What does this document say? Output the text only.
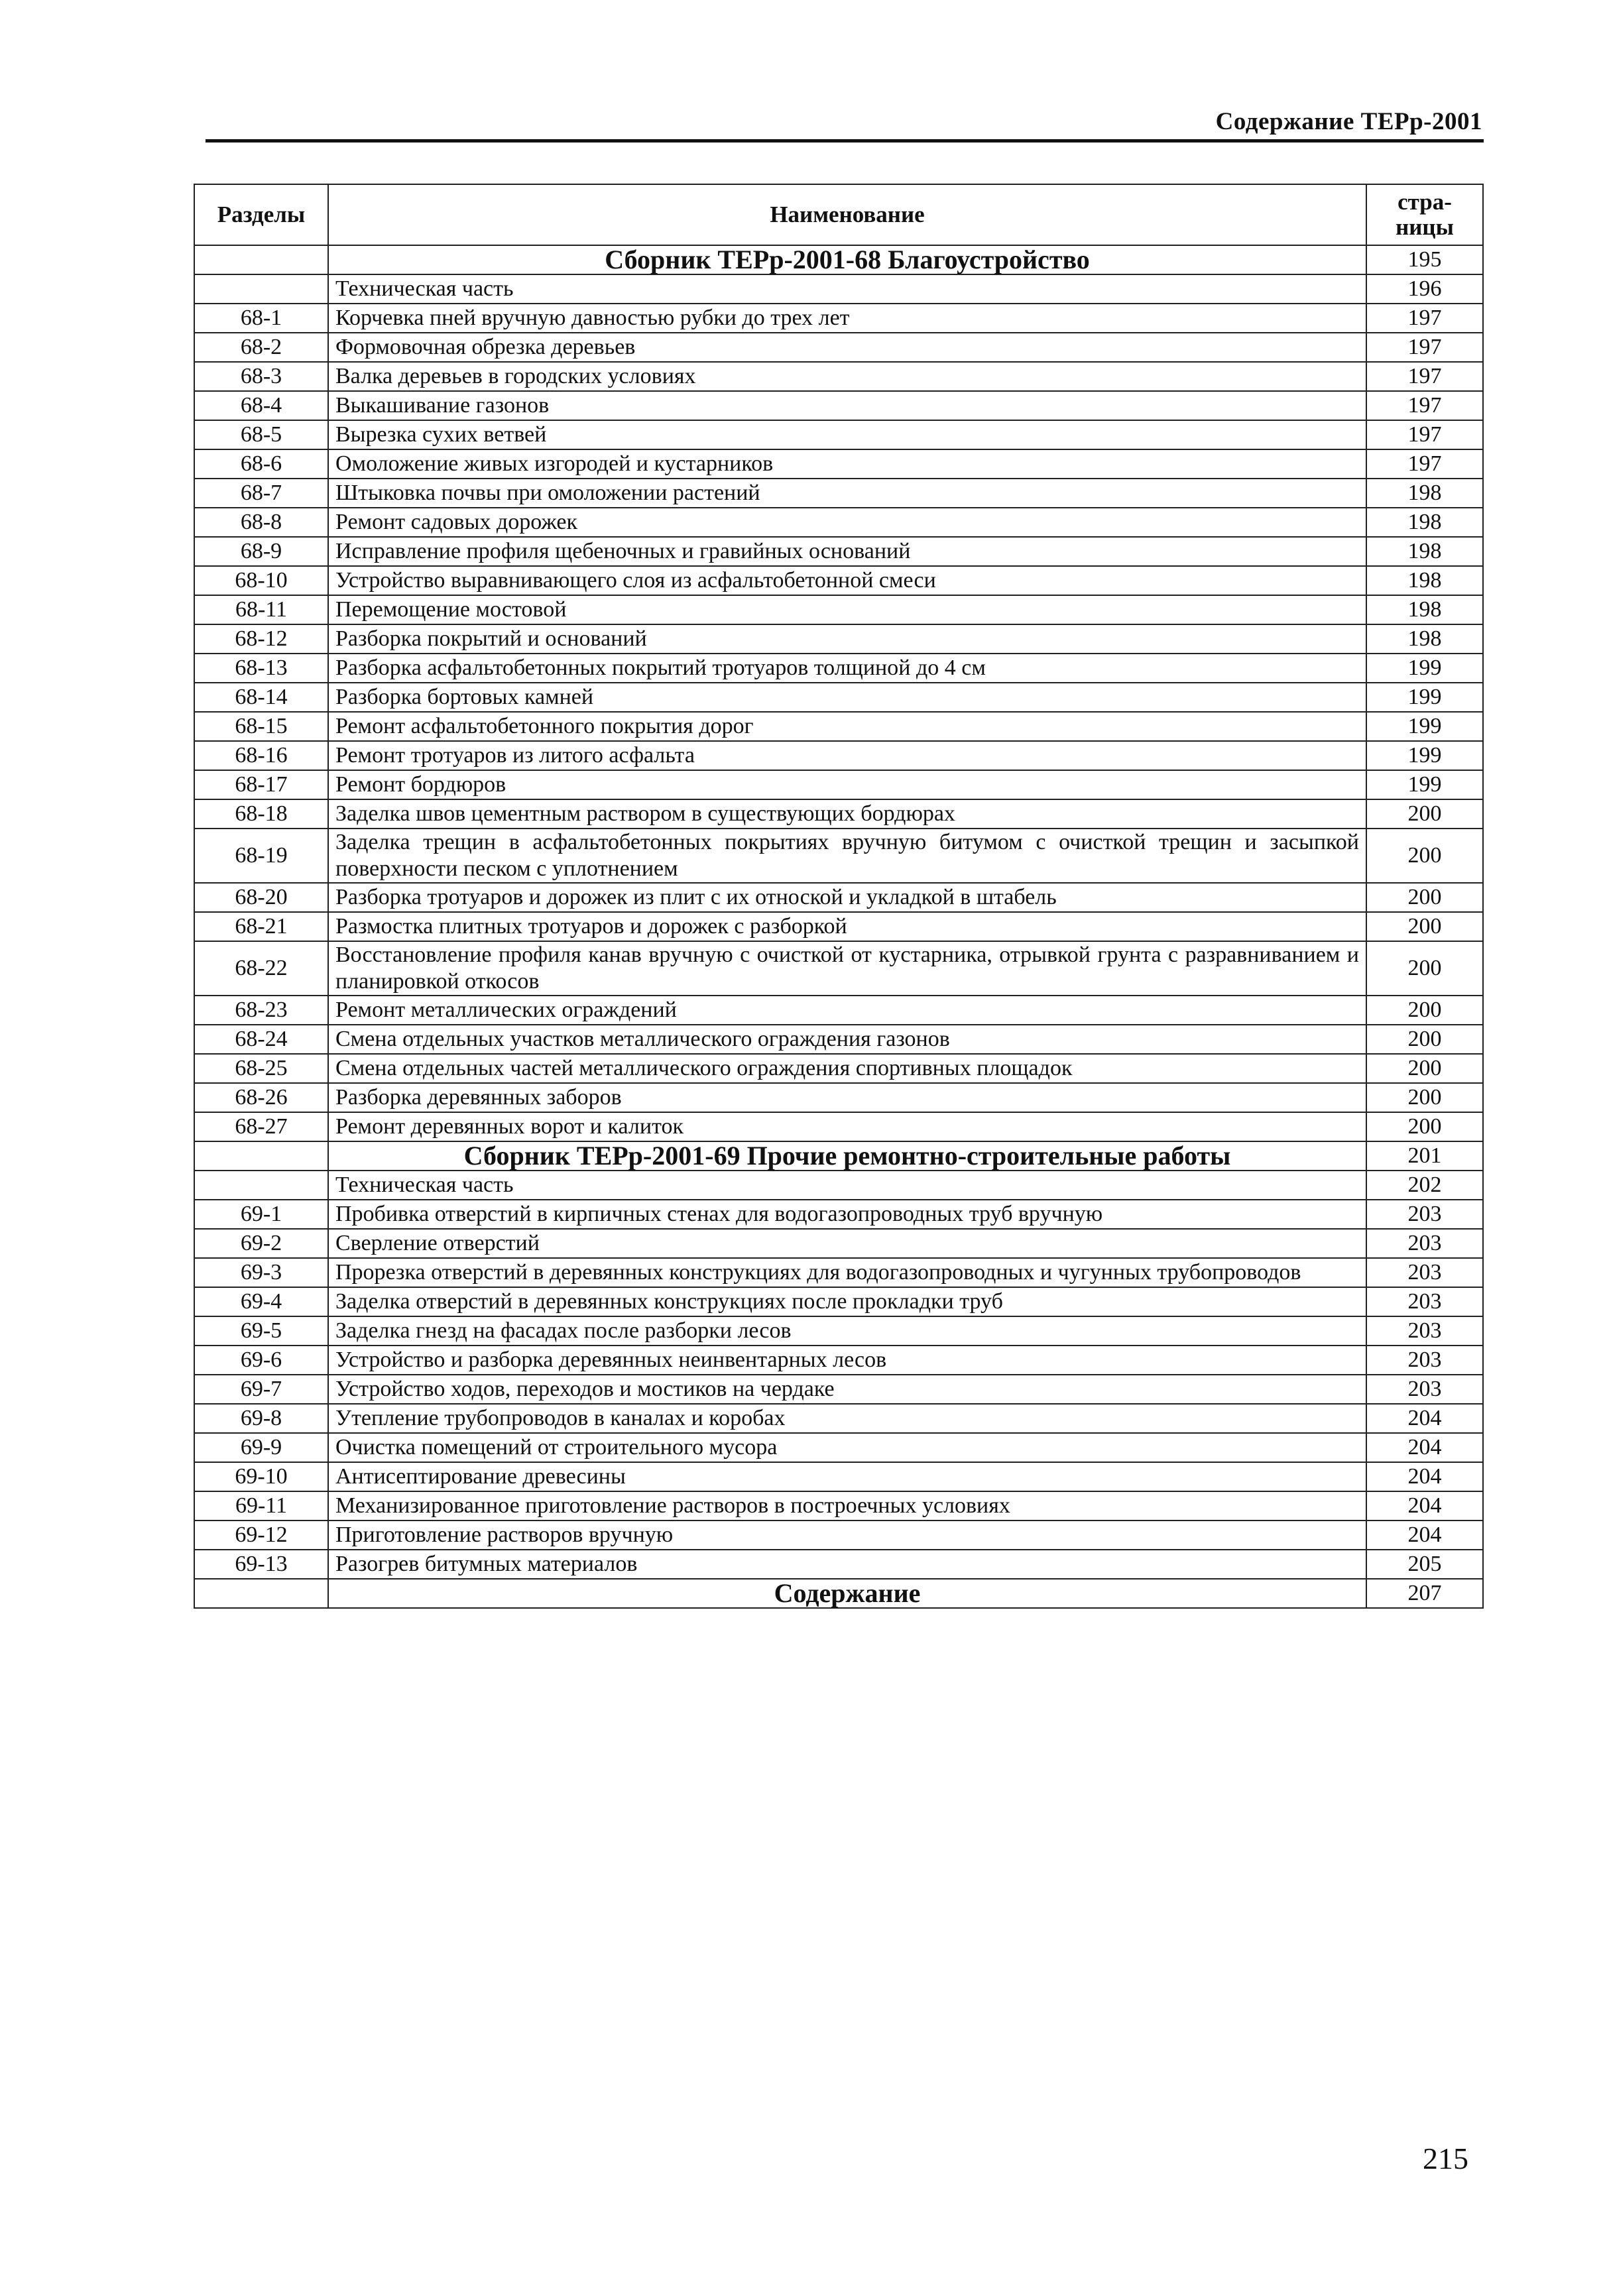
Содержание ТЕРр-2001
Разделы	Наименование	стра-ницы
	Сборник ТЕРр-2001-68 Благоустройство	195
	Техническая часть	196
68-1	Корчевка пней вручную давностью рубки до трех лет	197
68-2	Формовочная обрезка деревьев	197
68-3	Валка деревьев в городских условиях	197
68-4	Выкашивание газонов	197
68-5	Вырезка сухих ветвей	197
68-6	Омоложение живых изгородей и кустарников	197
68-7	Штыковка почвы при омоложении растений	198
68-8	Ремонт садовых дорожек	198
68-9	Исправление профиля щебеночных и гравийных оснований	198
68-10	Устройство выравнивающего слоя из асфальтобетонной смеси	198
68-11	Перемощение мостовой	198
68-12	Разборка покрытий и оснований	198
68-13	Разборка асфальтобетонных покрытий тротуаров толщиной до 4 см	199
68-14	Разборка бортовых камней	199
68-15	Ремонт асфальтобетонного покрытия дорог	199
68-16	Ремонт тротуаров из литого асфальта	199
68-17	Ремонт бордюров	199
68-18	Заделка швов цементным раствором в существующих бордюрах	200
68-19	Заделка трещин в асфальтобетонных покрытиях вручную битумом с очисткой трещин и засыпкой поверхности песком с уплотнением	200
68-20	Разборка тротуаров и дорожек из плит с их отноской и укладкой в штабель	200
68-21	Размостка плитных тротуаров и дорожек с разборкой	200
68-22	Восстановление профиля канав вручную с очисткой от кустарника, отрывкой грунта с разравниванием и планировкой откосов	200
68-23	Ремонт металлических ограждений	200
68-24	Смена отдельных участков металлического ограждения газонов	200
68-25	Смена отдельных частей металлического ограждения спортивных площадок	200
68-26	Разборка деревянных заборов	200
68-27	Ремонт деревянных ворот и калиток	200
	Сборник ТЕРр-2001-69 Прочие ремонтно-строительные работы	201
	Техническая часть	202
69-1	Пробивка отверстий в кирпичных стенах для водогазопроводных труб вручную	203
69-2	Сверление отверстий	203
69-3	Прорезка отверстий в деревянных конструкциях для водогазопроводных и чугунных трубопроводов	203
69-4	Заделка отверстий в деревянных конструкциях после прокладки труб	203
69-5	Заделка гнезд на фасадах после разборки лесов	203
69-6	Устройство и разборка деревянных неинвентарных лесов	203
69-7	Устройство ходов, переходов и мостиков на чердаке	203
69-8	Утепление трубопроводов в каналах и коробах	204
69-9	Очистка помещений от строительного мусора	204
69-10	Антисептирование древесины	204
69-11	Механизированное приготовление растворов в построечных условиях	204
69-12	Приготовление растворов вручную	204
69-13	Разогрев битумных материалов	205
	Содержание	207
215
